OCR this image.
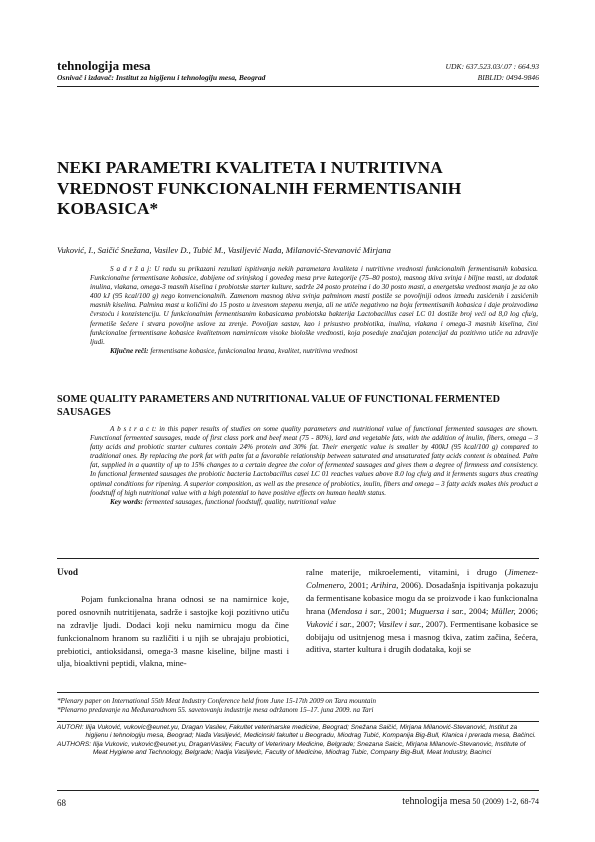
tehnologija mesa
Osnivač i izdavač: Institut za higijenu i tehnologiju mesa, Beograd
UDK: 637.523.03/.07 : 664.93
BIBLID: 0494-9846
NEKI PARAMETRI KVALITETA I NUTRITIVNA VREDNOST FUNKCIONALNIH FERMENTISANIH KOBASICA*
Vuković, I., Saičić Snežana, Vasilev D., Tubić M., Vasiljević Nađa, Milanović-Stevanović Mirjana
S a d r ž a j: U radu su prikazani rezultati ispitivanja nekih parametara kvaliteta i nutritivne vrednosti funkcionalnih fermentisanih kobasica. Funkcionalne fermentisane kobasice, dobijene od svinjskog i goveđeg mesa prve kategorije (75–80 posto), masnog tkiva svinja i biljne masti, uz dodatak inulina, vlakana, omega-3 masnih kiselina i probiotske starter kulture, sadrže 24 posto proteina i do 30 posto masti, a energetska vrednost manja je za oko 400 kJ (95 kcal/100 g) nego konvencionalnih. Zamenom masnog tkiva svinja palminom masti postiže se povoljniji odnos između zasićenih i zasićenih masnih kiselina. Palmina mast u količini do 15 posto u izvesnom stepenu menja, ali ne utiče negativno na boju fermentisanih kobasica i daje proizvodima čvrstoću i konzistenciju. U funkcionalnim fermentisanim kobasicama probiotska bakterija Lactobacillus casei LC 01 dostiže broj veći od 8,0 log cfu/g, fermetiše šećere i stvara povoljne uslove za zrenje. Povoljan sastav, kao i prisustvo probiotika, inulina, vlakana i omega-3 masnih kiselina, čini funkcionalne fermentisane kobasice kvalitetnom namirnicom visoke biološke vrednosti, koja poseduje značajan potencijal da pozitivno utiče na zdravlje ljudi.
Ključne reči: fermentisane kobasice, funkcionalna hrana, kvalitet, nutritivna vrednost
SOME QUALITY PARAMETERS AND NUTRITIONAL VALUE OF FUNCTIONAL FERMENTED SAUSAGES
A b s t r a c t: in this paper results of studies on some quality parameters and nutritional value of functional fermented sausages are shown. Functional fermented sausages, made of first class pork and beef meat (75 - 80%), lard and vegetable fats, with the addition of inulin, fibers, omega – 3 fatty acids and probiotic starter cultures contain 24% protein and 30% fat. Their energetic value is smaller by 400kJ (95 kcal/100 g) compared to traditional ones. By replacing the pork fat with palm fat a favorable relationship between saturated and unsaturated fatty acids content is obtained. Palm fat, supplied in a quantity of up to 15% changes to a certain degree the color of fermented sausages and gives them a degree of firmness and consistency. In functional fermented sausages the probiotic bacteria Lactobacillus casei LC 01 reaches values above 8.0 log cfu/g and it ferments sugars thus creating optimal conditions for ripening. A superior composition, as well as the presence of probiotics, inulin, fibers and omega – 3 fatty acids makes this product a foodstuff of high nutritional value with a high potential to have positive effects on human health status.
Key words: fermented sausages, functional foodstuff, quality, nutritional value
Uvod

Pojam funkcionalna hrana odnosi se na namirnice koje, pored osnovnih nutritijenata, sadrže i sastojke koji pozitivno utiču na zdravlje ljudi. Dodaci koji neku namirnicu mogu da čine funkcionalnom hranom su različiti i u njih se ubrajaju probiotici, prebiotici, antioksidansi, omega-3 masne kiseline, biljne masti i ulja, bioaktivni peptidi, vlakna, mine-

ralne materije, mikroelementi, vitamini, i drugo (Jimenez-Colmenero, 2001; Arihira, 2006). Dosadašnja ispitivanja pokazuju da fermentisane kobasice mogu da se proizvode i kao funkcionalna hrana (Mendosa i sar., 2001; Muguersa i sar., 2004; Müller, 2006; Vuković i sar., 2007; Vasilev i sar., 2007). Fermentisane kobasice se dobijaju od usitnjenog mesa i masnog tkiva, zatim začina, šećera, aditiva, starter kultura i drugih dodataka, koji se

*Plenary paper on International 55th Meat Industry Conference held from June 15-17th 2009 on Tara mountain
*Plenarno predavanje na Međunarodnom 55. savetovanju industrije mesa održanom 15–17. juna 2009. na Tari
AUTORI:
Ilija Vuković, vukovic@eunet.yu, Dragan Vasilev, Fakultet veterinarske medicine, Beograd; Snežana Saičić, Mirjana Milanović-Stevanović, Institut za higijenu i tehnologiju mesa, Beograd; Nađa Vasiljević, Medicinski fakultet u Beogradu, Miodrag Tubić, Kompanija Big-Bull, Klanica i prerada mesa, Bačinci.
AUTHORS:
Ilija Vukovic, vukovic@eunet.yu, DraganVasilev, Faculty of Veterinary Medicine, Belgrade; Snezana Saicic, Mirjana Milanovic-Stevanovic, Institute of Meat Hygiene and Technology, Belgrade; Nadja Vasiljevic, Faculty of Medicine, Miodrag Tubic, Company Big-Bull, Meat Industry, Bacinci
68	tehnologija mesa 50 (2009) 1-2, 68-74
